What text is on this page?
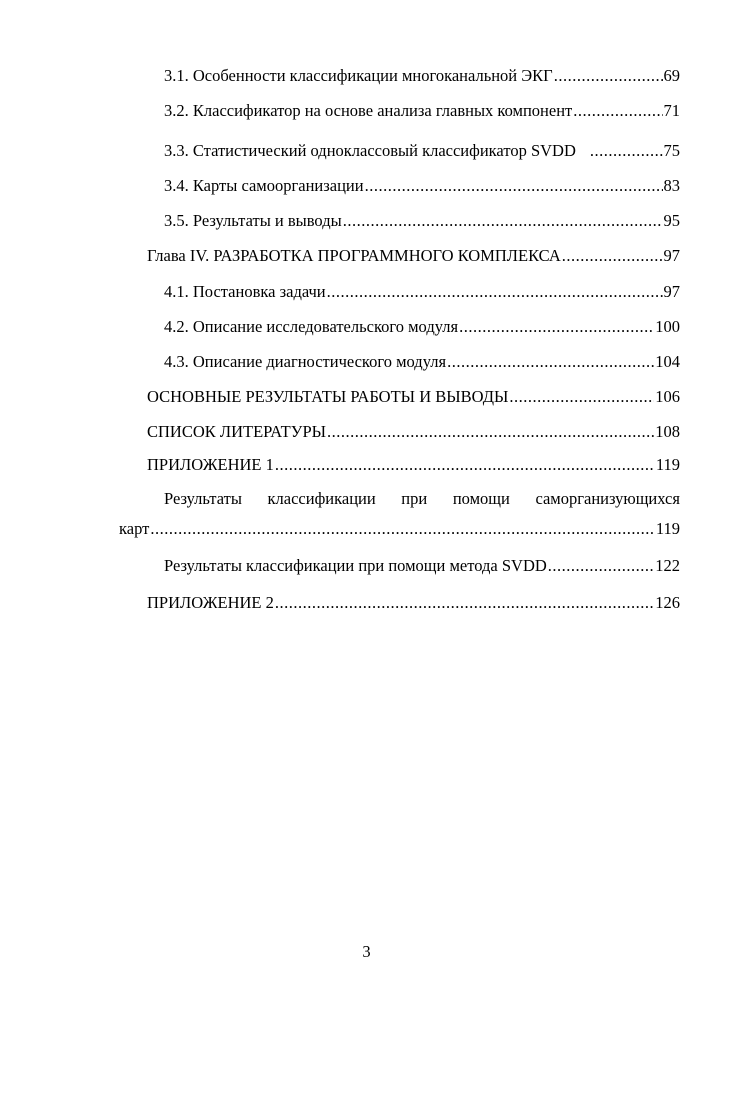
3.1. Особенности классификации многоканальной ЭКГ .....	69
3.2. Классификатор на основе анализа главных компонент .....	71
3.3. Статистический одноклассовый классификатор SVDD .....	75
3.4. Карты самоорганизации .....	83
3.5. Результаты и выводы .....	95
Глава IV. РАЗРАБОТКА ПРОГРАММНОГО КОМПЛЕКСА .....	97
4.1. Постановка задачи .....	97
4.2. Описание исследовательского модуля .....	100
4.3. Описание диагностического модуля .....	104
ОСНОВНЫЕ РЕЗУЛЬТАТЫ РАБОТЫ И ВЫВОДЫ .....	106
СПИСОК ЛИТЕРАТУРЫ .....	108
ПРИЛОЖЕНИЕ 1 .....	119
Результаты классификации при помощи саморганизующихся
карт .....	119
Результаты классификации при помощи метода SVDD .....	122
ПРИЛОЖЕНИЕ 2 .....	126
3
